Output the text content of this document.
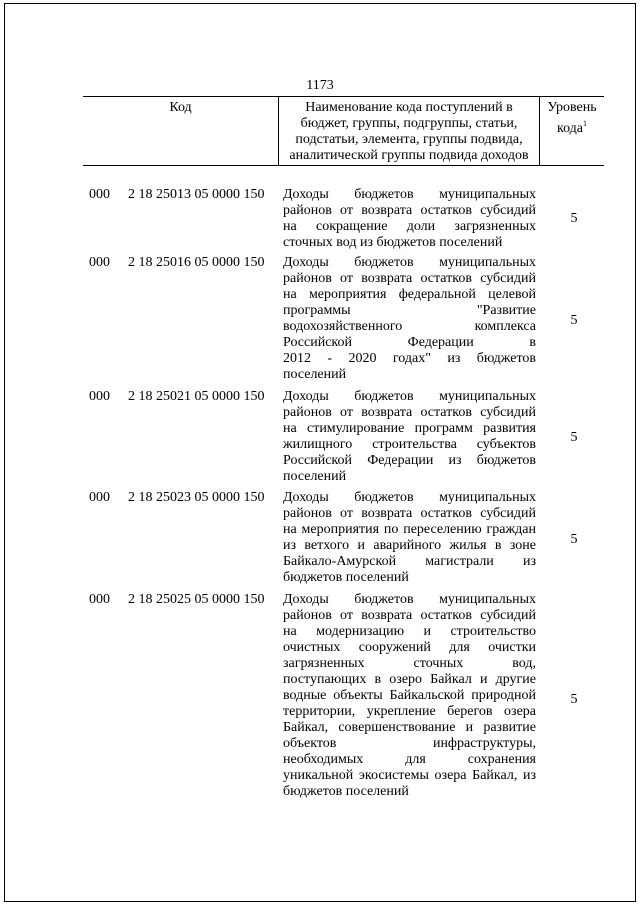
1173
Код	Наименование кода поступлений в
бюджет, группы, подгруппы, статьи,
подстатьи, элемента, группы подвида,
аналитической группы подвида доходов
Уровень
кода$^1$
000 2 18 25013 05 0000 150 Доходы бюджетов муниципальных
районов от возврата остатков субсидий
на сокращение доли загрязненных
сточных вод из бюджетов поселений
5
000 2 18 25016 05 0000 150 Доходы бюджетов муниципальных
районов от возврата остатков субсидий
на мероприятия федеральной целевой
программы "Развитие
водохозяйственного комплекса
Российской Федерации в
2012 - 2020 годах" из бюджетов
поселений
5
000 2 18 25021 05 0000 150 Доходы бюджетов муниципальных
районов от возврата остатков субсидий
на стимулирование программ развития
жилищного строительства субъектов
Российской Федерации из бюджетов
поселений
5
000 2 18 25023 05 0000 150 Доходы бюджетов муниципальных
районов от возврата остатков субсидий
на мероприятия по переселению граждан
из ветхого и аварийного жилья в зоне
Байкало-Амурской магистрали из
бюджетов поселений
5
000 2 18 25025 05 0000 150 Доходы бюджетов муниципальных
районов от возврата остатков субсидий
на модернизацию и строительство
очистных сооружений для очистки
загрязненных сточных вод,
поступающих в озеро Байкал и другие
водные объекты Байкальской природной
территории, укрепление берегов озера
Байкал, совершенствование и развитие
объектов инфраструктуры,
необходимых для сохранения
уникальной экосистемы озера Байкал, из
бюджетов поселений
5
